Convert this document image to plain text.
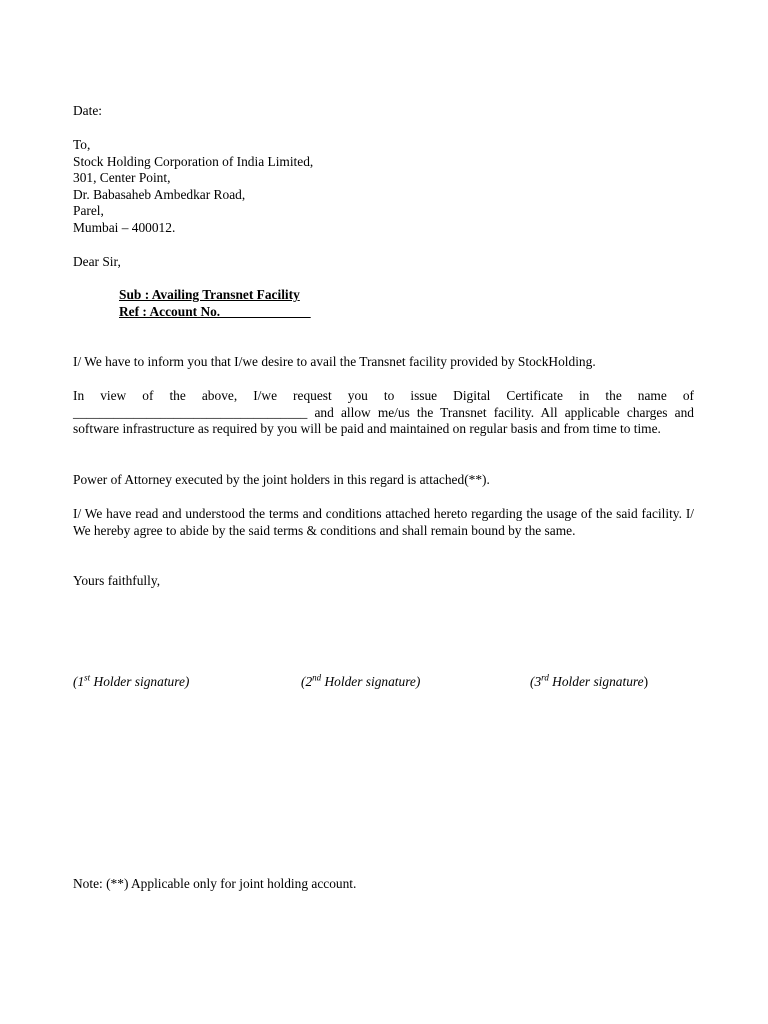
Date:

To,
Stock Holding Corporation of India Limited,
301, Center Point,
Dr. Babasaheb Ambedkar Road,
Parel,
Mumbai – 400012.

Dear Sir,

Sub : Availing Transnet Facility
Ref : Account No. _____________

I/ We have to inform you that I/we desire to avail the Transnet facility provided by StockHolding.

In view of the above, I/we request you to issue Digital Certificate in the name of
___________________________________ and allow me/us the Transnet facility. All applicable charges and software infrastructure as required by you will be paid and maintained on regular basis and from time to time.

Power of Attorney executed by the joint holders in this regard is attached(**).

I/ We have read and understood the terms and conditions attached hereto regarding the usage of the said facility. I/ We hereby agree to abide by the said terms & conditions and shall remain bound by the same.

Yours faithfully,

(1st Holder signature)	(2nd Holder signature)	(3rd Holder signature)

Note: (**) Applicable only for joint holding account.
